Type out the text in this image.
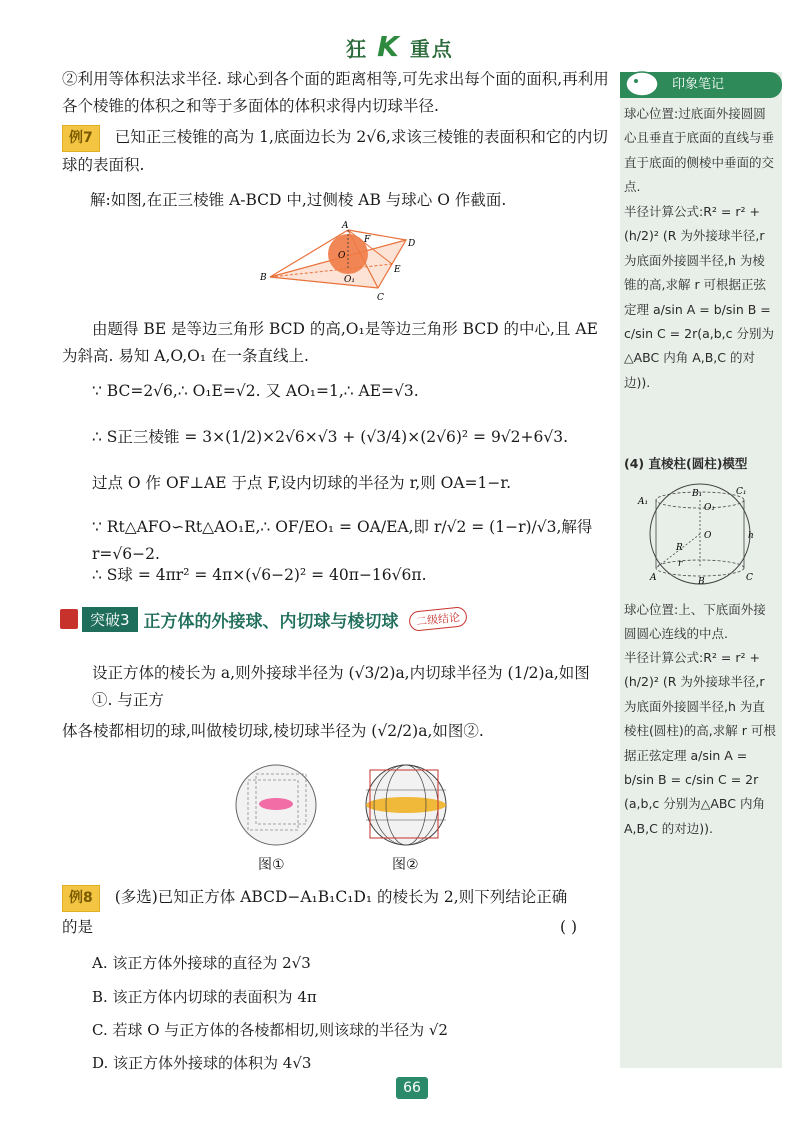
狂 K 重点
②利用等体积法求半径. 球心到各个面的距离相等,可先求出每个面的面积,再利用各个棱锥的体积之和等于多面体的体积求得内切球半径.
例7 已知正三棱锥的高为 1,底面边长为 2√6,求该三棱锥的表面积和它的内切球的表面积.
解:如图,在正三棱锥 A-BCD 中,过侧棱 AB 与球心 O 作截面.
A
B
C
D
E
F
O
O₁
由题得 BE 是等边三角形 BCD 的高,O₁是等边三角形 BCD 的中心,且 AE 为斜高. 易知 A,O,O₁ 在一条直线上.
∵ BC=2√6,∴ O₁E=√2. 又 AO₁=1,∴ AE=√3.
∴ S正三棱锥 = 3×(1/2)×2√6×√3 + (√3/4)×(2√6)² = 9√2+6√3.
过点 O 作 OF⊥AE 于点 F,设内切球的半径为 r,则 OA=1−r.
∵ Rt△AFO∽Rt△AO₁E,∴ OF/EO₁ = OA/EA,即 r/√2 = (1−r)/√3,解得 r=√6−2.
∴ S球 = 4πr² = 4π×(√6−2)² = 40π−16√6π.
突破3 正方体的外接球、内切球与棱切球	二级结论
设正方体的棱长为 a,则外接球半径为 (√3/2)a,内切球半径为 (1/2)a,如图①. 与正方
体各棱都相切的球,叫做棱切球,棱切球半径为 (√2/2)a,如图②.
图①	图②
例8 (多选)已知正方体 ABCD−A₁B₁C₁D₁ 的棱长为 2,则下列结论正确
的是	( )
A. 该正方体外接球的直径为 2√3
B. 该正方体内切球的表面积为 4π
C. 若球 O 与正方体的各棱都相切,则该球的半径为 √2
D. 该正方体外接球的体积为 4√3
印象笔记
球心位置:过底面外接圆圆心且垂直于底面的直线与垂直于底面的侧棱中垂面的交点.
半径计算公式:R² = r² + (h/2)² (R 为外接球半径,r 为底面外接圆半径,h 为棱锥的高,求解 r 可根据正弦定理 a/sin A = b/sin B = c/sin C = 2r(a,b,c 分别为△ABC 内角 A,B,C 的对边)).
(4) 直棱柱(圆柱)模型
A₁
B₁	C₁
O₁
O
R
r
h
A	B	C
球心位置:上、下底面外接圆圆心连线的中点.
半径计算公式:R² = r² + (h/2)² (R 为外接球半径,r 为底面外接圆半径,h 为直棱柱(圆柱)的高,求解 r 可根据正弦定理 a/sin A = b/sin B = c/sin C = 2r (a,b,c 分别为△ABC 内角 A,B,C 的对边)).
66
